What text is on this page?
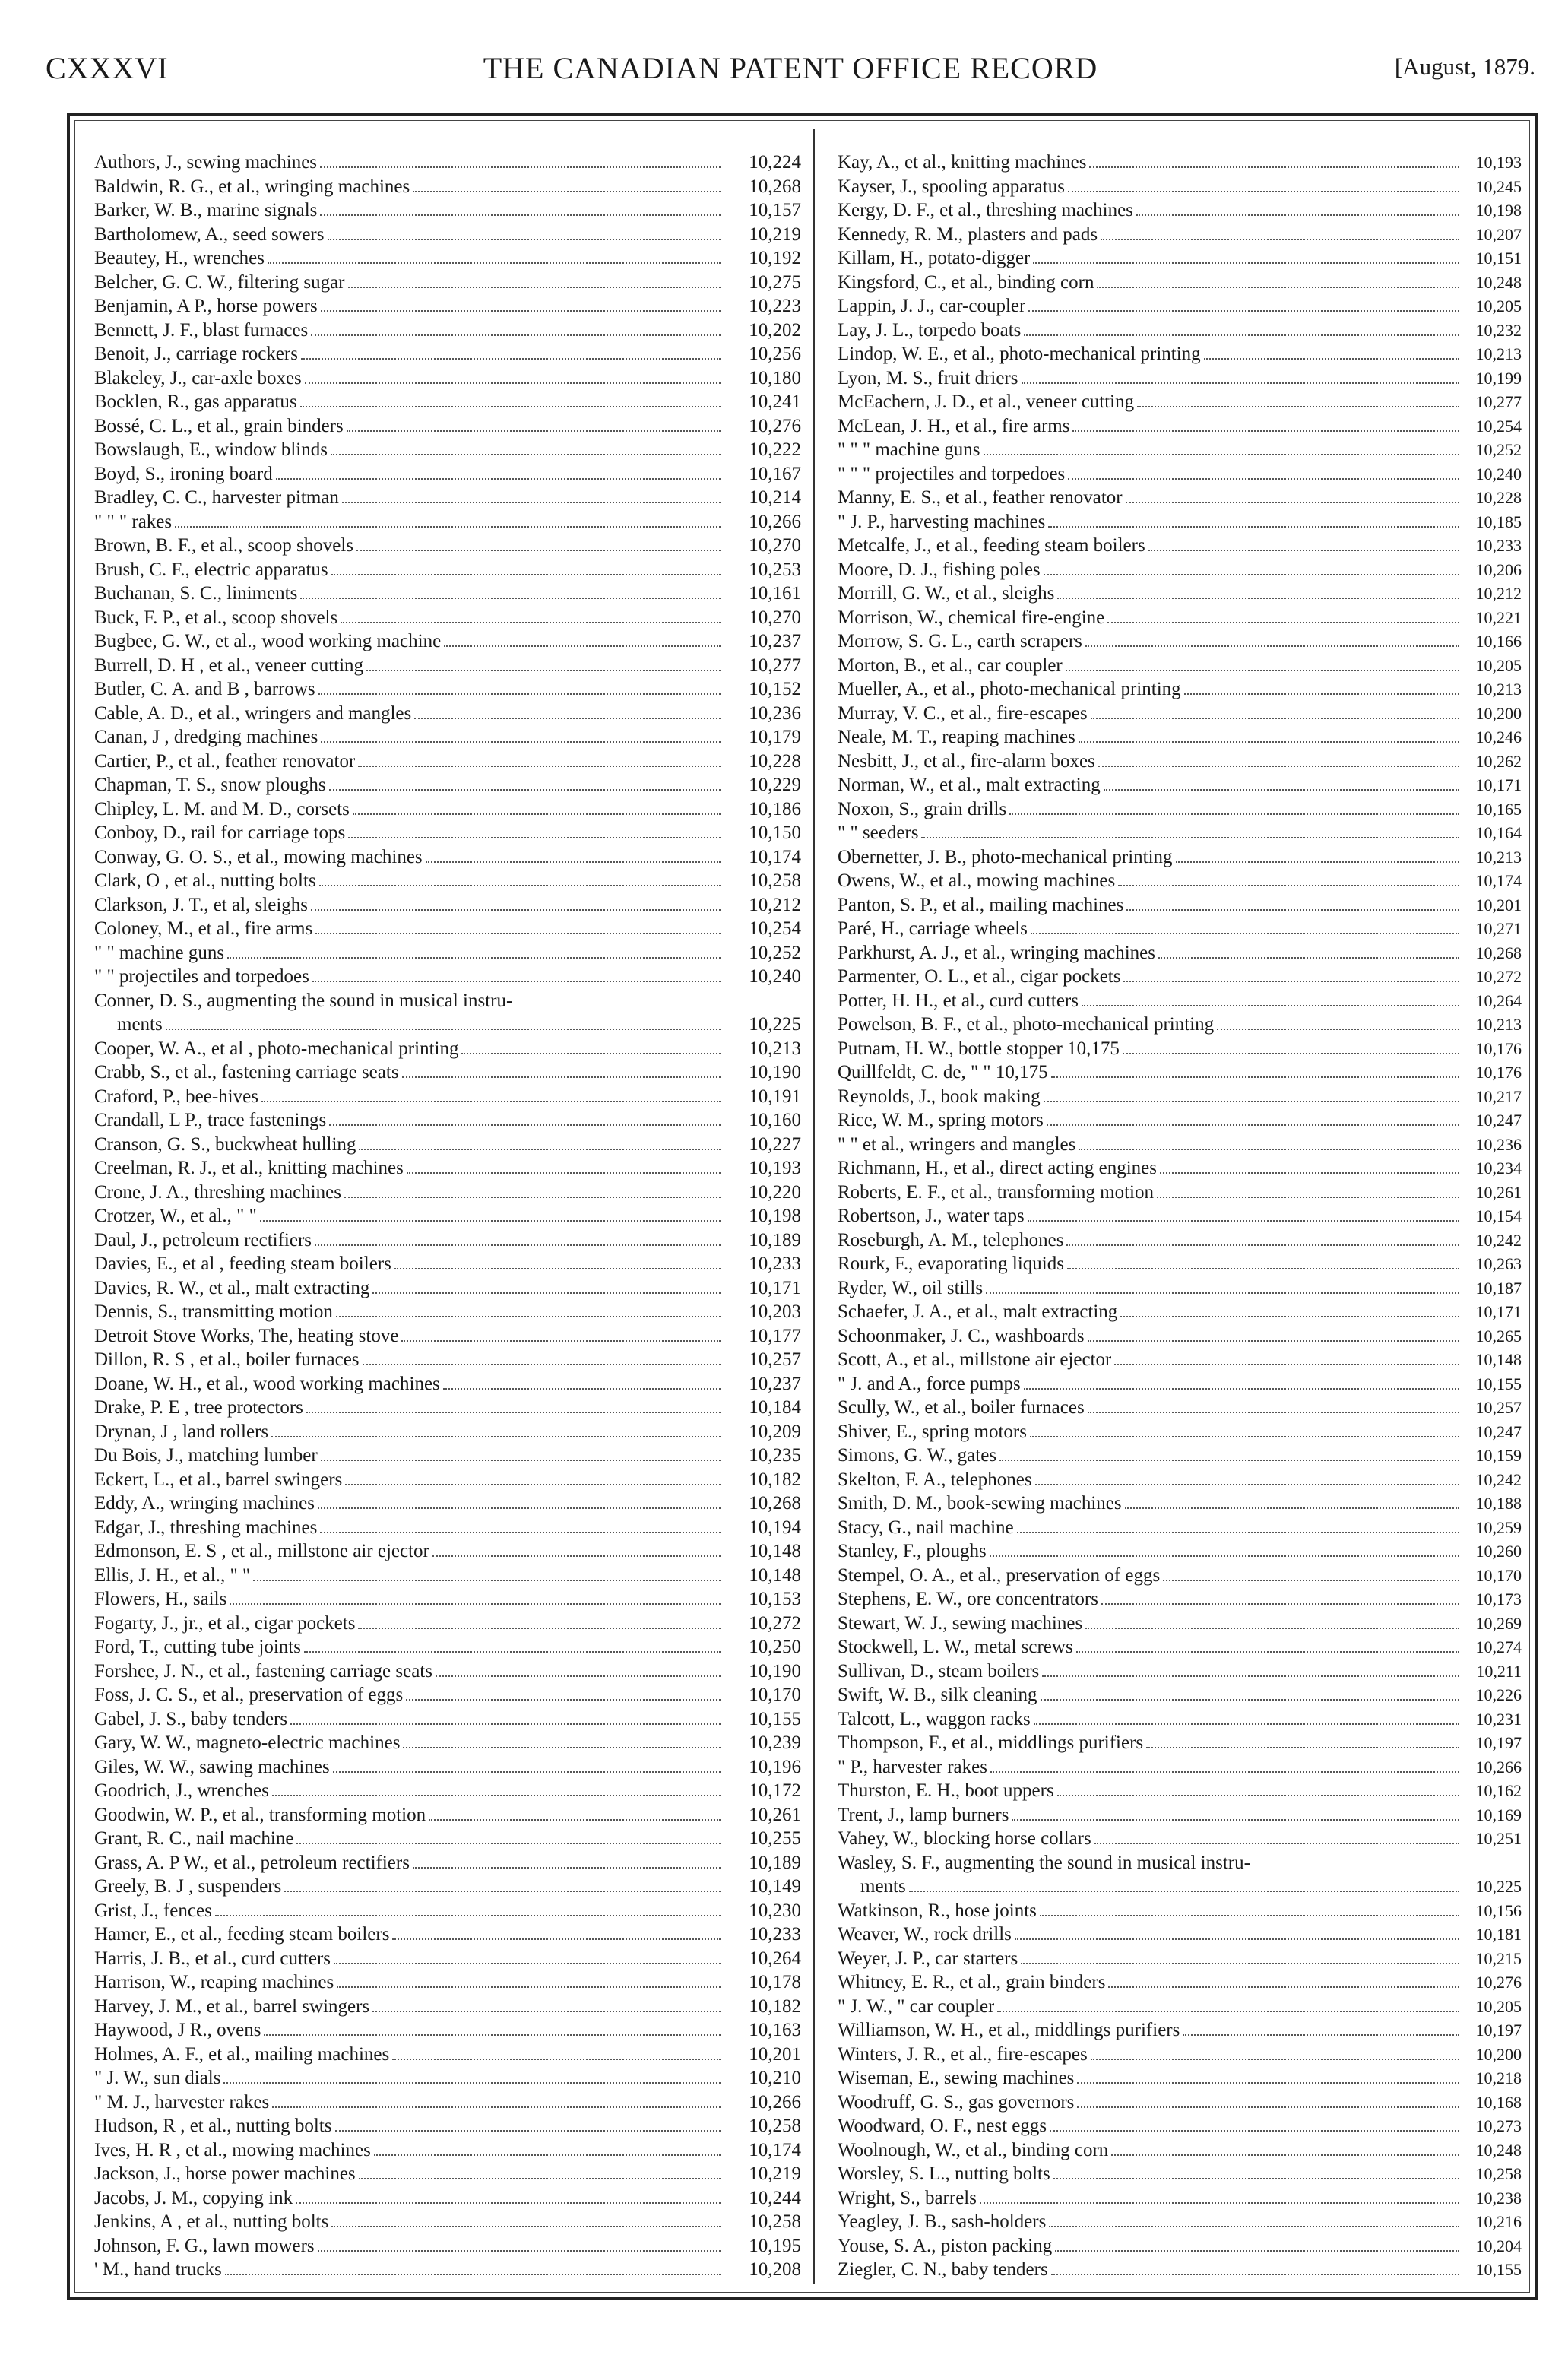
CXXXVI	THE CANADIAN PATENT OFFICE RECORD	[August, 1879.
Authors, J., sewing machines	10,224
Baldwin, R. G., et al., wringing machines	10,268
Barker, W. B., marine signals	10,157
Bartholomew, A., seed sowers	10,219
Beautey, H., wrenches	10,192
Belcher, G. C. W., filtering sugar	10,275
Benjamin, A P., horse powers	10,223
Bennett, J. F., blast furnaces	10,202
Benoit, J., carriage rockers	10,256
Blakeley, J., car-axle boxes	10,180
Bocklen, R., gas apparatus	10,241
Bossé, C. L., et al., grain binders	10,276
Bowslaugh, E., window blinds	10,222
Boyd, S., ironing board	10,167
Bradley, C. C., harvester pitman	10,214
" " " rakes	10,266
Brown, B. F., et al., scoop shovels	10,270
Brush, C. F., electric apparatus	10,253
Buchanan, S. C., liniments	10,161
Buck, F. P., et al., scoop shovels	10,270
Bugbee, G. W., et al., wood working machine	10,237
Burrell, D. H , et al., veneer cutting	10,277
Butler, C. A. and B , barrows	10,152
Cable, A. D., et al., wringers and mangles	10,236
Canan, J , dredging machines	10,179
Cartier, P., et al., feather renovator	10,228
Chapman, T. S., snow ploughs	10,229
Chipley, L. M. and M. D., corsets	10,186
Conboy, D., rail for carriage tops	10,150
Conway, G. O. S., et al., mowing machines	10,174
Clark, O , et al., nutting bolts	10,258
Clarkson, J. T., et al, sleighs	10,212
Coloney, M., et al., fire arms	10,254
" " machine guns	10,252
" " projectiles and torpedoes	10,240
Conner, D. S., augmenting the sound in musical instru-
ments	10,225
Cooper, W. A., et al , photo-mechanical printing	10,213
Crabb, S., et al., fastening carriage seats	10,190
Craford, P., bee-hives	10,191
Crandall, L P., trace fastenings	10,160
Cranson, G. S., buckwheat hulling	10,227
Creelman, R. J., et al., knitting machines	10,193
Crone, J. A., threshing machines	10,220
Crotzer, W., et al., " "	10,198
Daul, J., petroleum rectifiers	10,189
Davies, E., et al , feeding steam boilers	10,233
Davies, R. W., et al., malt extracting	10,171
Dennis, S., transmitting motion	10,203
Detroit Stove Works, The, heating stove	10,177
Dillon, R. S , et al., boiler furnaces	10,257
Doane, W. H., et al., wood working machines	10,237
Drake, P. E , tree protectors	10,184
Drynan, J , land rollers	10,209
Du Bois, J., matching lumber	10,235
Eckert, L., et al., barrel swingers	10,182
Eddy, A., wringing machines	10,268
Edgar, J., threshing machines	10,194
Edmonson, E. S , et al., millstone air ejector	10,148
Ellis, J. H., et al., " "	10,148
Flowers, H., sails	10,153
Fogarty, J., jr., et al., cigar pockets	10,272
Ford, T., cutting tube joints	10,250
Forshee, J. N., et al., fastening carriage seats	10,190
Foss, J. C. S., et al., preservation of eggs	10,170
Gabel, J. S., baby tenders	10,155
Gary, W. W., magneto-electric machines	10,239
Giles, W. W., sawing machines	10,196
Goodrich, J., wrenches	10,172
Goodwin, W. P., et al., transforming motion	10,261
Grant, R. C., nail machine	10,255
Grass, A. P W., et al., petroleum rectifiers	10,189
Greely, B. J , suspenders	10,149
Grist, J., fences	10,230
Hamer, E., et al., feeding steam boilers	10,233
Harris, J. B., et al., curd cutters	10,264
Harrison, W., reaping machines	10,178
Harvey, J. M., et al., barrel swingers	10,182
Haywood, J R., ovens	10,163
Holmes, A. F., et al., mailing machines	10,201
" J. W., sun dials	10,210
" M. J., harvester rakes	10,266
Hudson, R , et al., nutting bolts	10,258
Ives, H. R , et al., mowing machines	10,174
Jackson, J., horse power machines	10,219
Jacobs, J. M., copying ink	10,244
Jenkins, A , et al., nutting bolts	10,258
Johnson, F. G., lawn mowers	10,195
' M., hand trucks	10,208
Kay, A., et al., knitting machines	10,193
Kayser, J., spooling apparatus	10,245
Kergy, D. F., et al., threshing machines	10,198
Kennedy, R. M., plasters and pads	10,207
Killam, H., potato-digger	10,151
Kingsford, C., et al., binding corn	10,248
Lappin, J. J., car-coupler	10,205
Lay, J. L., torpedo boats	10,232
Lindop, W. E., et al., photo-mechanical printing	10,213
Lyon, M. S., fruit driers	10,199
McEachern, J. D., et al., veneer cutting	10,277
McLean, J. H., et al., fire arms	10,254
" " " machine guns	10,252
" " " projectiles and torpedoes	10,240
Manny, E. S., et al., feather renovator	10,228
" J. P., harvesting machines	10,185
Metcalfe, J., et al., feeding steam boilers	10,233
Moore, D. J., fishing poles	10,206
Morrill, G. W., et al., sleighs	10,212
Morrison, W., chemical fire-engine	10,221
Morrow, S. G. L., earth scrapers	10,166
Morton, B., et al., car coupler	10,205
Mueller, A., et al., photo-mechanical printing	10,213
Murray, V. C., et al., fire-escapes	10,200
Neale, M. T., reaping machines	10,246
Nesbitt, J., et al., fire-alarm boxes	10,262
Norman, W., et al., malt extracting	10,171
Noxon, S., grain drills	10,165
" " seeders	10,164
Obernetter, J. B., photo-mechanical printing	10,213
Owens, W., et al., mowing machines	10,174
Panton, S. P., et al., mailing machines	10,201
Paré, H., carriage wheels	10,271
Parkhurst, A. J., et al., wringing machines	10,268
Parmenter, O. L., et al., cigar pockets	10,272
Potter, H. H., et al., curd cutters	10,264
Powelson, B. F., et al., photo-mechanical printing	10,213
Putnam, H. W., bottle stopper 10,175	10,176
Quillfeldt, C. de, " " 10,175	10,176
Reynolds, J., book making	10,217
Rice, W. M., spring motors	10,247
" " et al., wringers and mangles	10,236
Richmann, H., et al., direct acting engines	10,234
Roberts, E. F., et al., transforming motion	10,261
Robertson, J., water taps	10,154
Roseburgh, A. M., telephones	10,242
Rourk, F., evaporating liquids	10,263
Ryder, W., oil stills	10,187
Schaefer, J. A., et al., malt extracting	10,171
Schoonmaker, J. C., washboards	10,265
Scott, A., et al., millstone air ejector	10,148
" J. and A., force pumps	10,155
Scully, W., et al., boiler furnaces	10,257
Shiver, E., spring motors	10,247
Simons, G. W., gates	10,159
Skelton, F. A., telephones	10,242
Smith, D. M., book-sewing machines	10,188
Stacy, G., nail machine	10,259
Stanley, F., ploughs	10,260
Stempel, O. A., et al., preservation of eggs	10,170
Stephens, E. W., ore concentrators	10,173
Stewart, W. J., sewing machines	10,269
Stockwell, L. W., metal screws	10,274
Sullivan, D., steam boilers	10,211
Swift, W. B., silk cleaning	10,226
Talcott, L., waggon racks	10,231
Thompson, F., et al., middlings purifiers	10,197
" P., harvester rakes	10,266
Thurston, E. H., boot uppers	10,162
Trent, J., lamp burners	10,169
Vahey, W., blocking horse collars	10,251
Wasley, S. F., augmenting the sound in musical instru-
ments	10,225
Watkinson, R., hose joints	10,156
Weaver, W., rock drills	10,181
Weyer, J. P., car starters	10,215
Whitney, E. R., et al., grain binders	10,276
" J. W., " car coupler	10,205
Williamson, W. H., et al., middlings purifiers	10,197
Winters, J. R., et al., fire-escapes	10,200
Wiseman, E., sewing machines	10,218
Woodruff, G. S., gas governors	10,168
Woodward, O. F., nest eggs	10,273
Woolnough, W., et al., binding corn	10,248
Worsley, S. L., nutting bolts	10,258
Wright, S., barrels	10,238
Yeagley, J. B., sash-holders	10,216
Youse, S. A., piston packing	10,204
Ziegler, C. N., baby tenders	10,155
